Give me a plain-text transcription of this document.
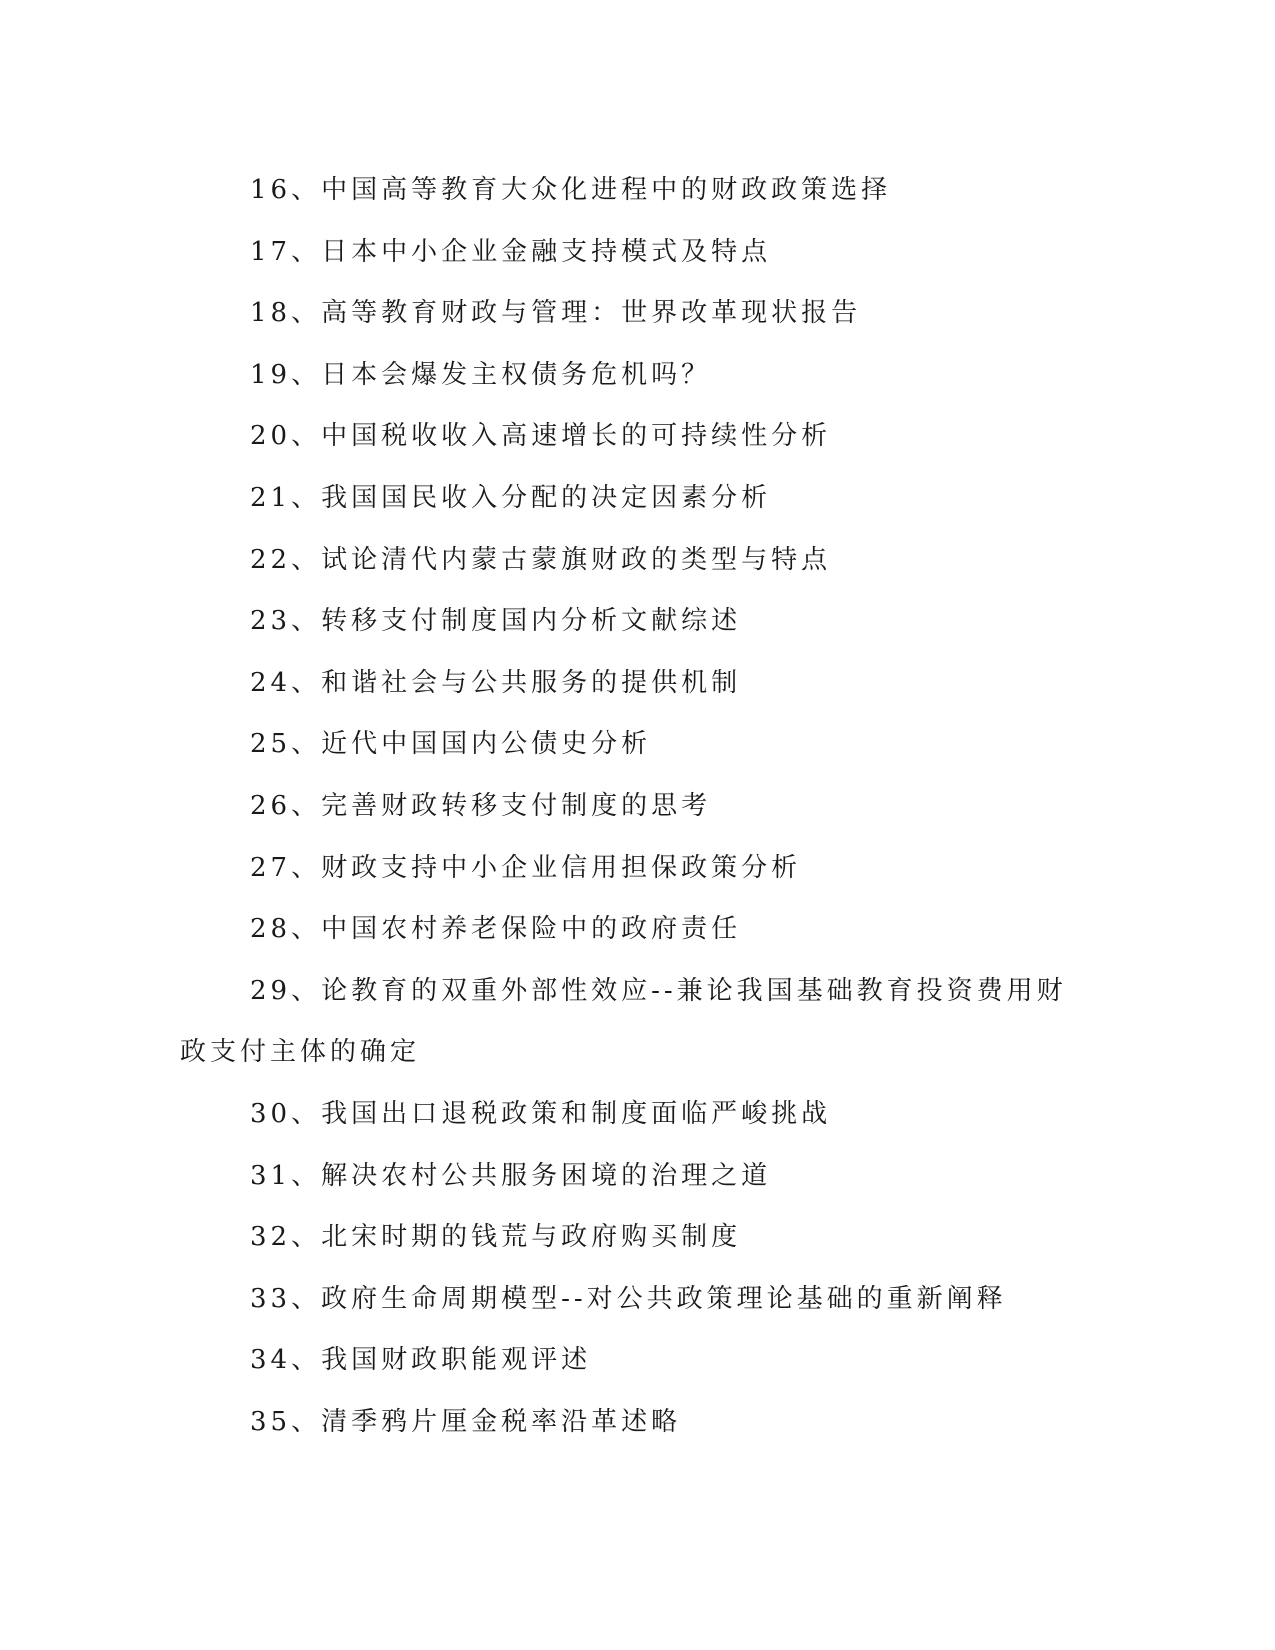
16、中国高等教育大众化进程中的财政政策选择
17、日本中小企业金融支持模式及特点
18、高等教育财政与管理：世界改革现状报告
19、日本会爆发主权债务危机吗？
20、中国税收收入高速增长的可持续性分析
21、我国国民收入分配的决定因素分析
22、试论清代内蒙古蒙旗财政的类型与特点
23、转移支付制度国内分析文献综述
24、和谐社会与公共服务的提供机制
25、近代中国国内公债史分析
26、完善财政转移支付制度的思考
27、财政支持中小企业信用担保政策分析
28、中国农村养老保险中的政府责任
29、论教育的双重外部性效应--兼论我国基础教育投资费用财政支付主体的确定
30、我国出口退税政策和制度面临严峻挑战
31、解决农村公共服务困境的治理之道
32、北宋时期的钱荒与政府购买制度
33、政府生命周期模型--对公共政策理论基础的重新阐释
34、我国财政职能观评述
35、清季鸦片厘金税率沿革述略
